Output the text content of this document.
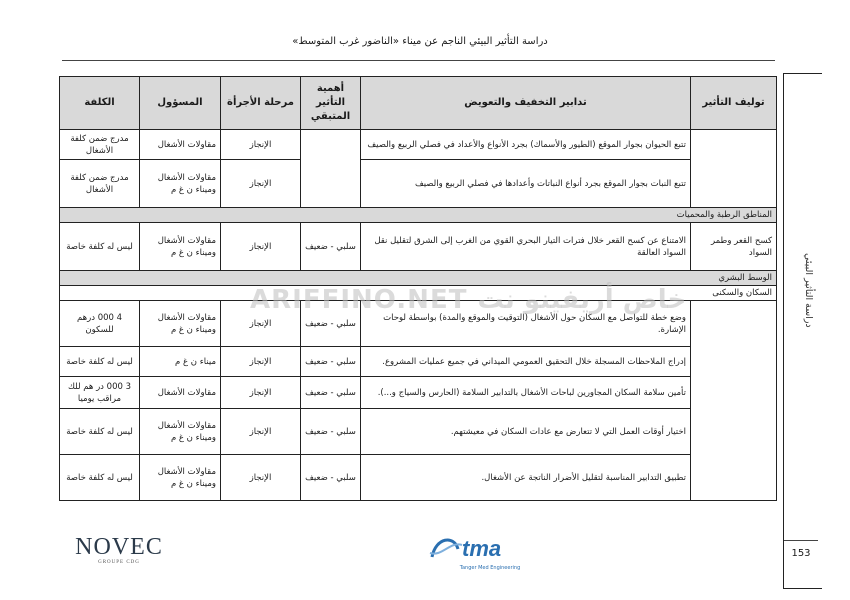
دراسة التأثير البيئي الناجم عن ميناء «الناضور غرب المتوسط»
دراسة التأثير البيئي
توليف التأثير	تدابير التخفيف والتعويض	أهمية التأثير المتبقي	مرحلة الأجرأة	المسؤول	الكلفة
	تتبع الحيوان بجوار الموقع (الطيور والأسماك) بجرد الأنواع والأعداد في فصلي الربيع والصيف		الإنجاز	مقاولات الأشغال	مدرج ضمن كلفة الأشغال
	تتبع النبات بجوار الموقع بجرد أنواع النباتات وأعدادها في فصلي الربيع والصيف		الإنجاز	مقاولات الأشغال وميناء ن غ م	مدرج ضمن كلفة الأشغال
المناطق الرطبة والمحميات					
كسح القعر وطمر السواد	الامتناع عن كسح القعر خلال فترات التيار البحري القوي من الغرب إلى الشرق لتقليل نقل السواد العالقة	سلبي - ضعيف	الإنجاز	مقاولات الأشغال وميناء ن غ م	ليس له كلفة خاصة
الوسط البشري					
السكان والسكنى					
	وضع خطة للتواصل مع السكان حول الأشغال (التوقيت والموقع والمدة) بواسطة لوحات الإشارة.	سلبي - ضعيف	الإنجاز	مقاولات الأشغال وميناء ن غ م	4 000 درهم للسكون
	إدراج الملاحظات المسجلة خلال التحقيق العمومي الميداني في جميع عمليات المشروع.	سلبي - ضعيف	الإنجاز	ميناء ن غ م	ليس له كلفة خاصة
	تأمين سلامة السكان المجاورين لباحات الأشغال بالتدابير السلامة (الحارس والسياج و...).	سلبي - ضعيف	الإنجاز	مقاولات الأشغال	3 000 در هم للك مراقب يوميا
	اختيار أوقات العمل التي لا تتعارض مع عادات السكان في معيشتهم.	سلبي - ضعيف	الإنجاز	مقاولات الأشغال وميناء ن غ م	ليس له كلفة خاصة
	تطبيق التدابير المناسبة لتقليل الأضرار الناتجة عن الأشغال.	سلبي - ضعيف	الإنجاز	مقاولات الأشغال وميناء ن غ م	ليس له كلفة خاصة
ARIFFINO.NET خاص أريفينو نت
153
NOVEC
GROUPE CDG
tma
Tanger Med Engineering
